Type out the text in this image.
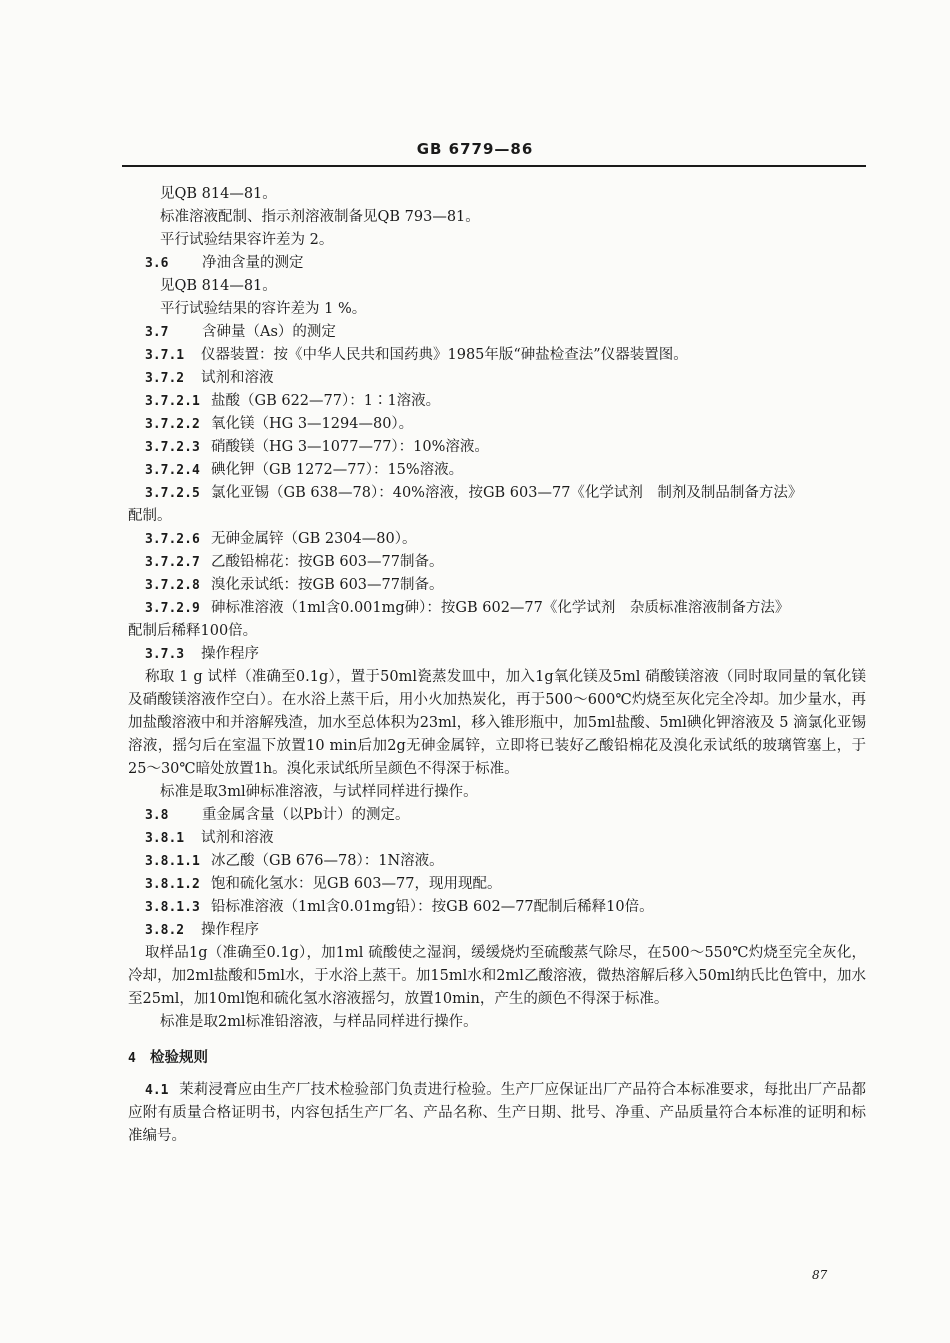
GB 6779—86
见QB 814—81。
标准溶液配制、指示剂溶液制备见QB 793—81。
平行试验结果容许差为 2。
3.6 净油含量的测定
见QB 814—81。
平行试验结果的容许差为 1 %。
3.7 含砷量（As）的测定
3.7.1 仪器装置：按《中华人民共和国药典》1985年版“砷盐检查法”仪器装置图。
3.7.2 试剂和溶液
3.7.2.1 盐酸（GB 622—77）：1∶1溶液。
3.7.2.2 氧化镁（HG 3—1294—80）。
3.7.2.3 硝酸镁（HG 3—1077—77）：10%溶液。
3.7.2.4 碘化钾（GB 1272—77）：15%溶液。
3.7.2.5 氯化亚锡（GB 638—78）：40%溶液，按GB 603—77《化学试剂　制剂及制品制备方法》
配制。
3.7.2.6 无砷金属锌（GB 2304—80）。
3.7.2.7 乙酸铅棉花：按GB 603—77制备。
3.7.2.8 溴化汞试纸：按GB 603—77制备。
3.7.2.9 砷标准溶液（1ml含0.001mg砷）：按GB 602—77《化学试剂　杂质标准溶液制备方法》
配制后稀释100倍。
3.7.3 操作程序
称取 1 g 试样（准确至0.1g），置于50ml瓷蒸发皿中，加入1g氧化镁及5ml 硝酸镁溶液（同时取同量的氧化镁及硝酸镁溶液作空白）。在水浴上蒸干后，用小火加热炭化，再于500～600℃灼烧至灰化完全冷却。加少量水，再加盐酸溶液中和并溶解残渣，加水至总体积为23ml，移入锥形瓶中，加5ml盐酸、5ml碘化钾溶液及 5 滴氯化亚锡溶液，摇匀后在室温下放置10 min后加2g无砷金属锌，立即将已装好乙酸铅棉花及溴化汞试纸的玻璃管塞上，于25～30℃暗处放置1h。溴化汞试纸所呈颜色不得深于标准。
标准是取3ml砷标准溶液，与试样同样进行操作。
3.8 重金属含量（以Pb计）的测定。
3.8.1 试剂和溶液
3.8.1.1 冰乙酸（GB 676—78）：1N溶液。
3.8.1.2 饱和硫化氢水：见GB 603—77，现用现配。
3.8.1.3 铅标准溶液（1ml含0.01mg铅）：按GB 602—77配制后稀释10倍。
3.8.2 操作程序
取样品1g（准确至0.1g），加1ml 硫酸使之湿润，缓缓烧灼至硫酸蒸气除尽，在500～550℃灼烧至完全灰化，冷却，加2ml盐酸和5ml水，于水浴上蒸干。加15ml水和2ml乙酸溶液，微热溶解后移入50ml纳氏比色管中，加水至25ml，加10ml饱和硫化氢水溶液摇匀，放置10min，产生的颜色不得深于标准。
标准是取2ml标准铅溶液，与样品同样进行操作。
4 检验规则
4.1 茉莉浸膏应由生产厂技术检验部门负责进行检验。生产厂应保证出厂产品符合本标准要求，每批出厂产品都应附有质量合格证明书，内容包括生产厂名、产品名称、生产日期、批号、净重、产品质量符合本标准的证明和标准编号。
87
